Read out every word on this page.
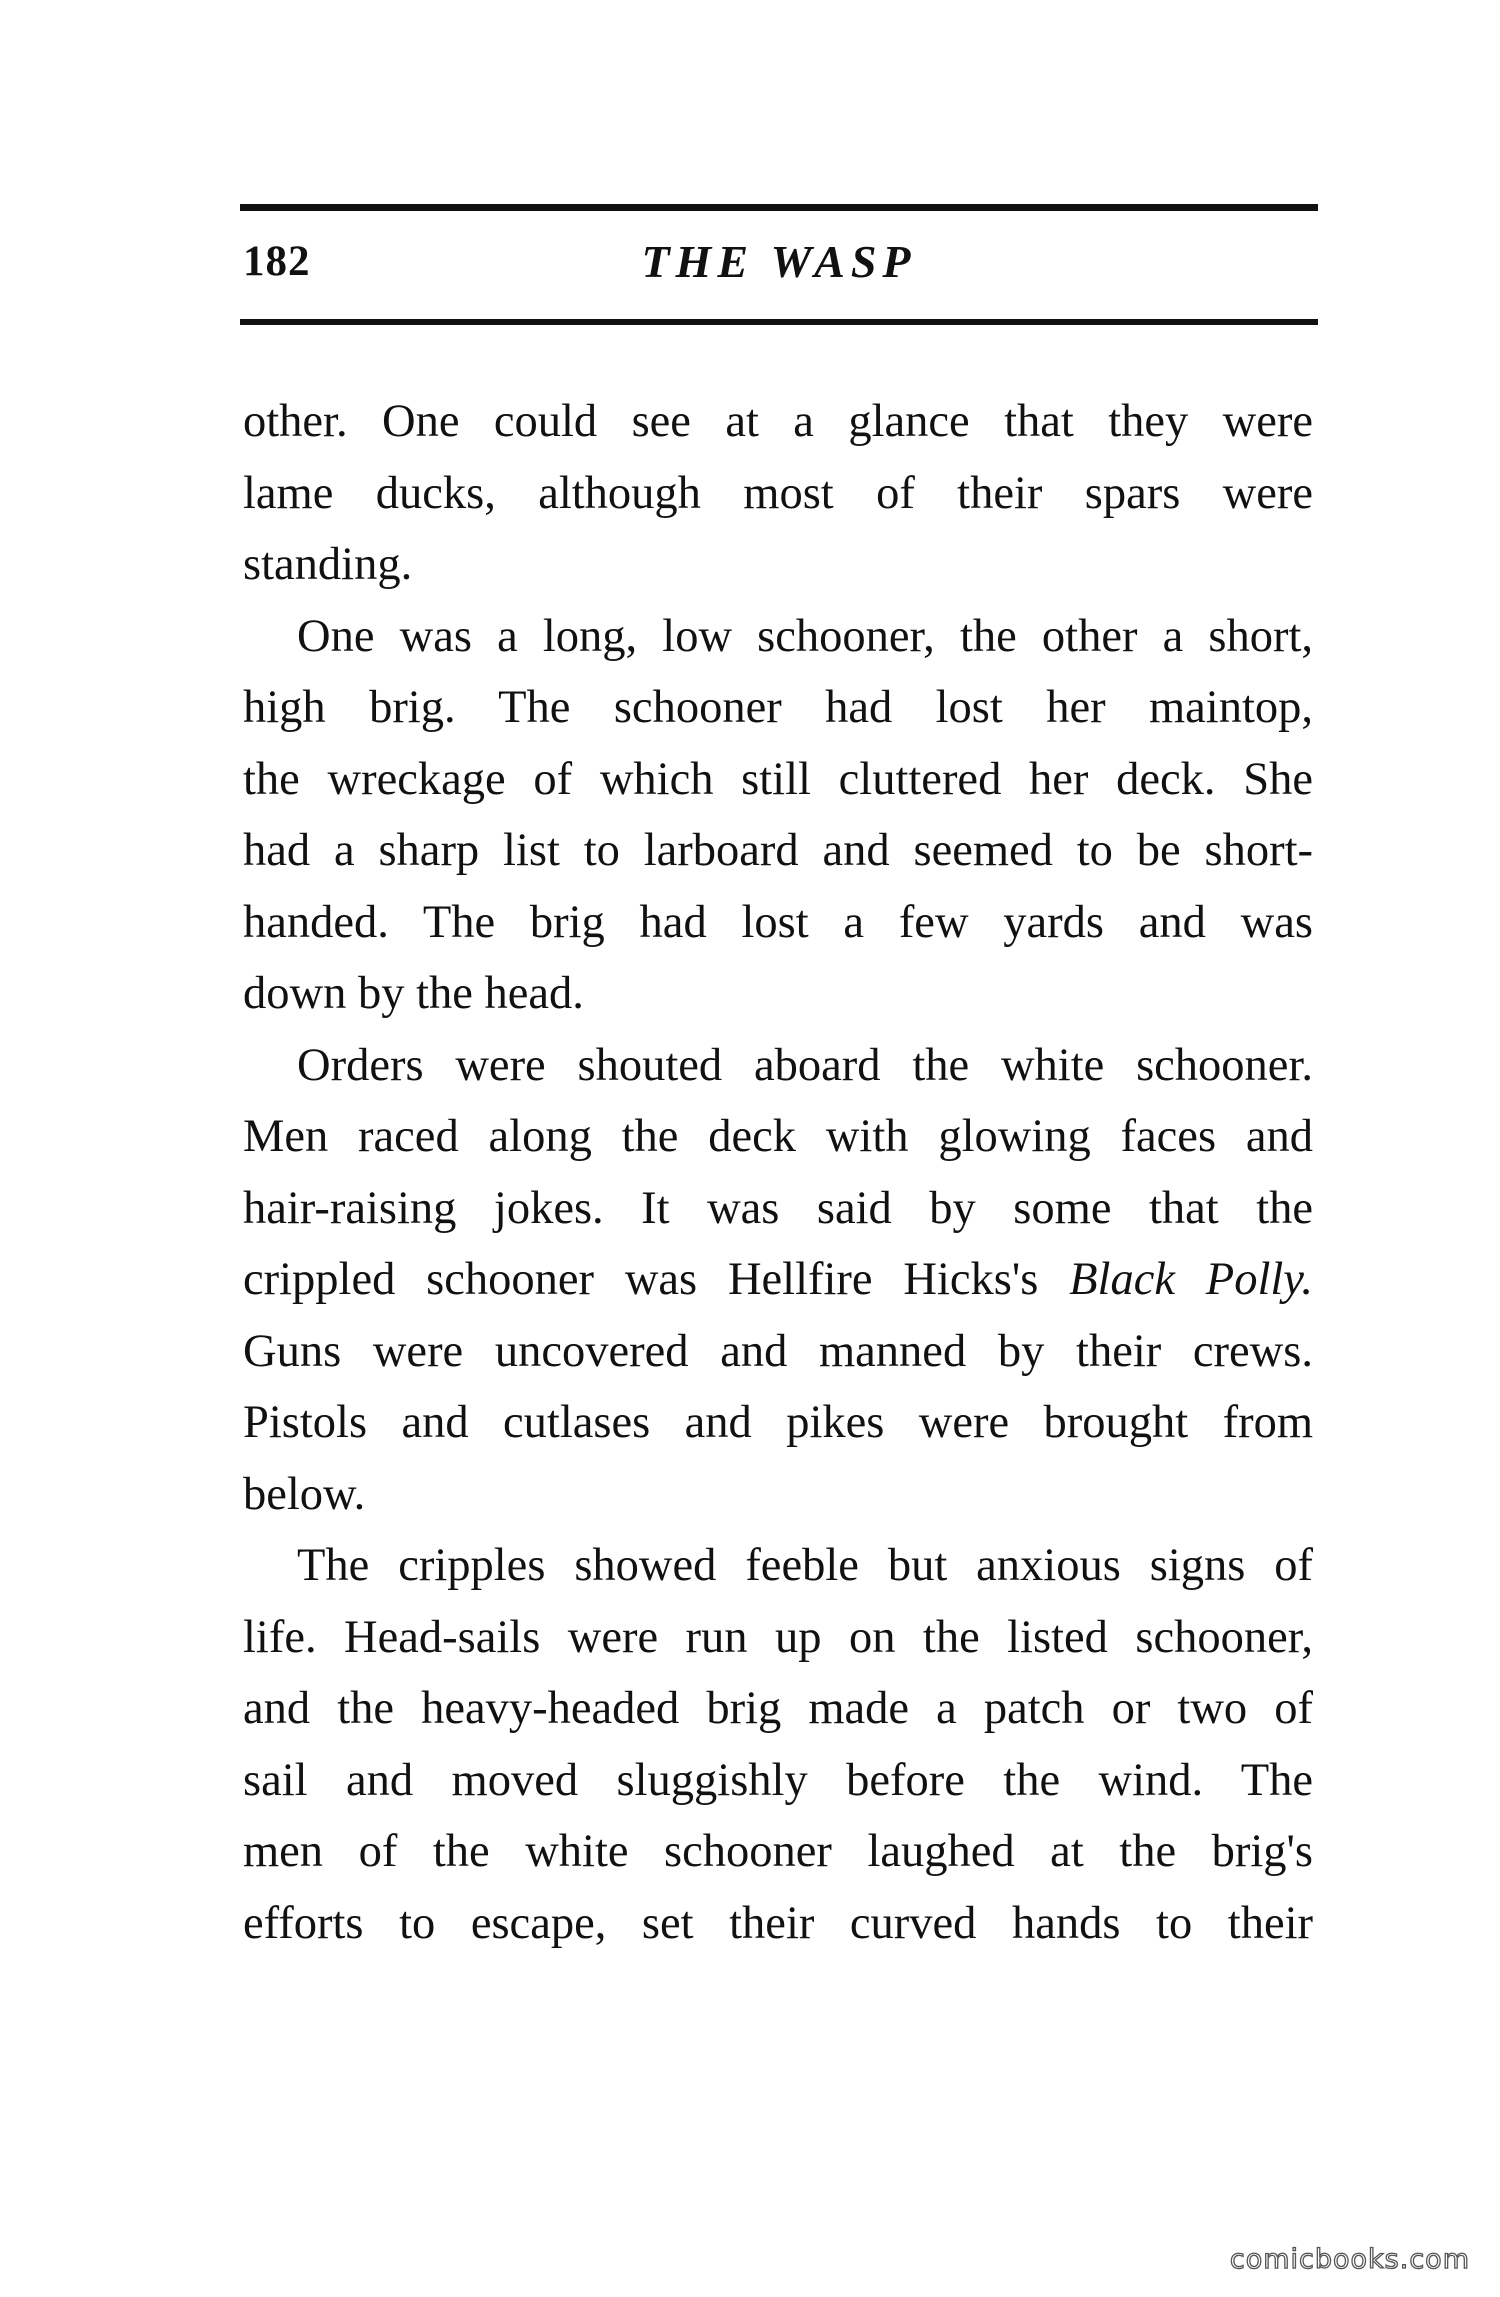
182	THE WASP

other. One could see at a glance that they were
lame ducks, although most of their spars were
standing.

One was a long, low schooner, the other a short,
high brig. The schooner had lost her maintop,
the wreckage of which still cluttered her deck. She
had a sharp list to larboard and seemed to be short-
handed. The brig had lost a few yards and was
down by the head.

Orders were shouted aboard the white schooner.
Men raced along the deck with glowing faces and
hair-raising jokes. It was said by some that the
crippled schooner was Hellfire Hicks's Black Polly.
Guns were uncovered and manned by their crews.
Pistols and cutlases and pikes were brought from
below.

The cripples showed feeble but anxious signs of
life. Head-sails were run up on the listed schooner,
and the heavy-headed brig made a patch or two of
sail and moved sluggishly before the wind. The
men of the white schooner laughed at the brig's
efforts to escape, set their curved hands to their

comicbooks.com
